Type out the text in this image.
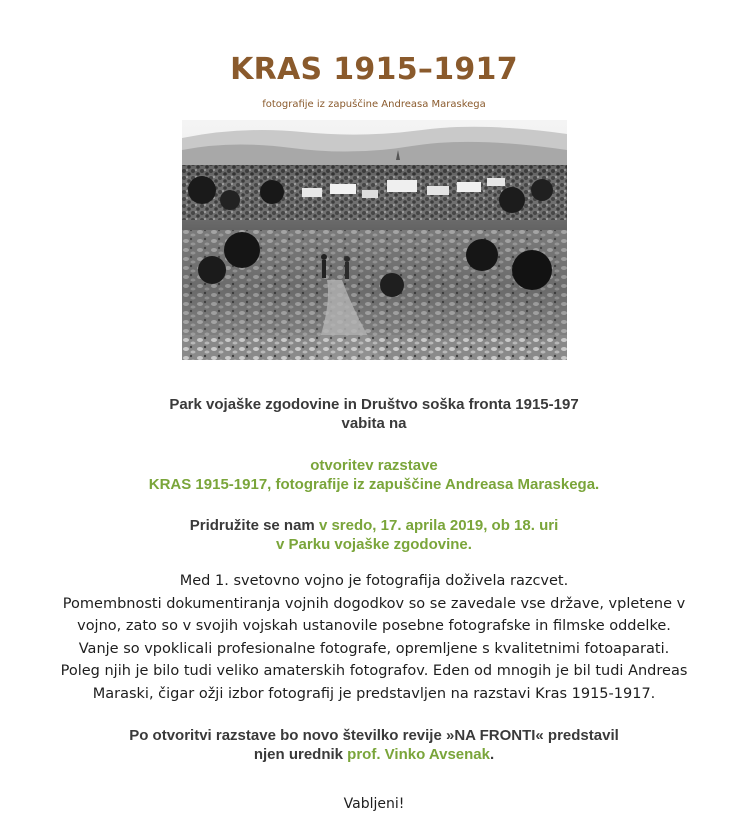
KRAS 1915–1917

fotografije iz zapuščine Andreasa Maraskega

Park vojaške zgodovine in Društvo soška fronta 1915-197
vabita na
otvoritev razstave
KRAS 1915-1917, fotografije iz zapuščine Andreasa Maraskega.
Pridružite se nam v sredo, 17. aprila 2019, ob 18. uri
v Parku vojaške zgodovine.
Med 1. svetovno vojno je fotografija doživela razcvet.
Pomembnosti dokumentiranja vojnih dogodkov so se zavedale vse države, vpletene v
vojno, zato so v svojih vojskah ustanovile posebne fotografske in filmske oddelke.
Vanje so vpoklicali profesionalne fotografe, opremljene s kvalitetnimi fotoaparati.
Poleg njih je bilo tudi veliko amaterskih fotografov. Eden od mnogih je bil tudi Andreas
Maraski, čigar ožji izbor fotografij je predstavljen na razstavi Kras 1915-1917.
Po otvoritvi razstave bo novo številko revije »NA FRONTI« predstavil
njen urednik prof. Vinko Avsenak.
Vabljeni!
